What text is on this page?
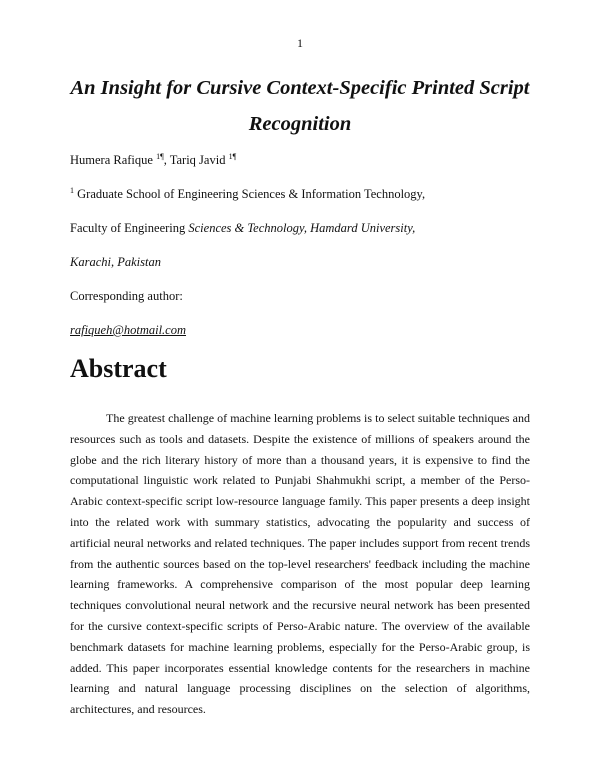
1
An Insight for Cursive Context-Specific Printed Script Recognition
Humera Rafique $^{1\P}$, Tariq Javid $^{1\P}$
$^1$ Graduate School of Engineering Sciences & Information Technology,
Faculty of Engineering Sciences & Technology, Hamdard University,
Karachi, Pakistan
Corresponding author:
rafiqueh@hotmail.com
Abstract

The greatest challenge of machine learning problems is to select suitable techniques and resources such as tools and datasets. Despite the existence of millions of speakers around the globe and the rich literary history of more than a thousand years, it is expensive to find the computational linguistic work related to Punjabi Shahmukhi script, a member of the Perso-Arabic context-specific script low-resource language family. This paper presents a deep insight into the related work with summary statistics, advocating the popularity and success of artificial neural networks and related techniques. The paper includes support from recent trends from the authentic sources based on the top-level researchers' feedback including the machine learning frameworks. A comprehensive comparison of the most popular deep learning techniques convolutional neural network and the recursive neural network has been presented for the cursive context-specific scripts of Perso-Arabic nature. The overview of the available benchmark datasets for machine learning problems, especially for the Perso-Arabic group, is added. This paper incorporates essential knowledge contents for the researchers in machine learning and natural language processing disciplines on the selection of algorithms, architectures, and resources.
